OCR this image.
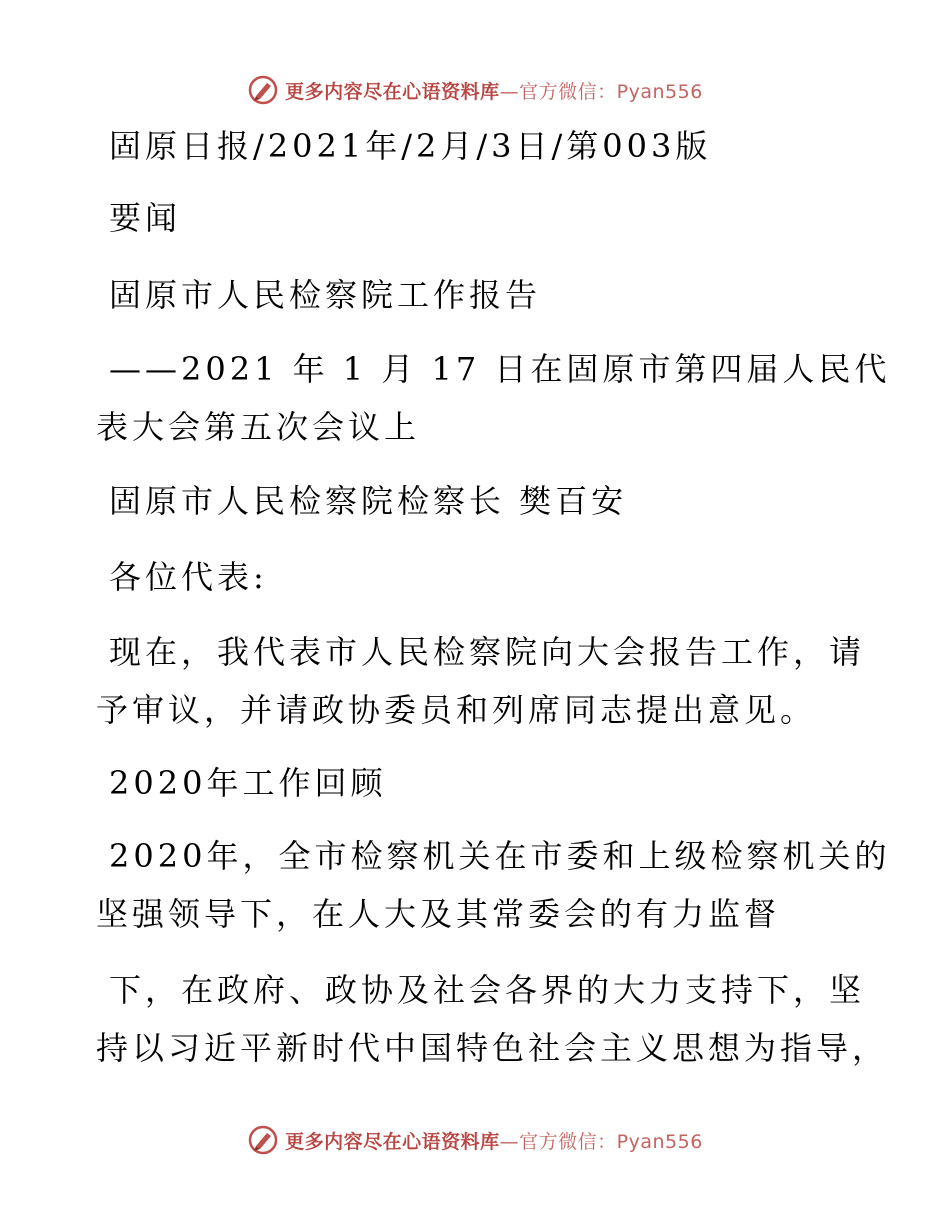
更多内容尽在心语资料库—官方微信：Pyan556
固原日报/2021年/2月/3日/第003版
要闻
固原市人民检察院工作报告
——2021 年 1 月 17 日在固原市第四届人民代
表大会第五次会议上
固原市人民检察院检察长 樊百安
各位代表:
现在，我代表市人民检察院向大会报告工作，请
予审议，并请政协委员和列席同志提出意见。
2020年工作回顾
2020年，全市检察机关在市委和上级检察机关的
坚强领导下，在人大及其常委会的有力监督
下，在政府、政协及社会各界的大力支持下，坚
持以习近平新时代中国特色社会主义思想为指导，
更多内容尽在心语资料库—官方微信：Pyan556
